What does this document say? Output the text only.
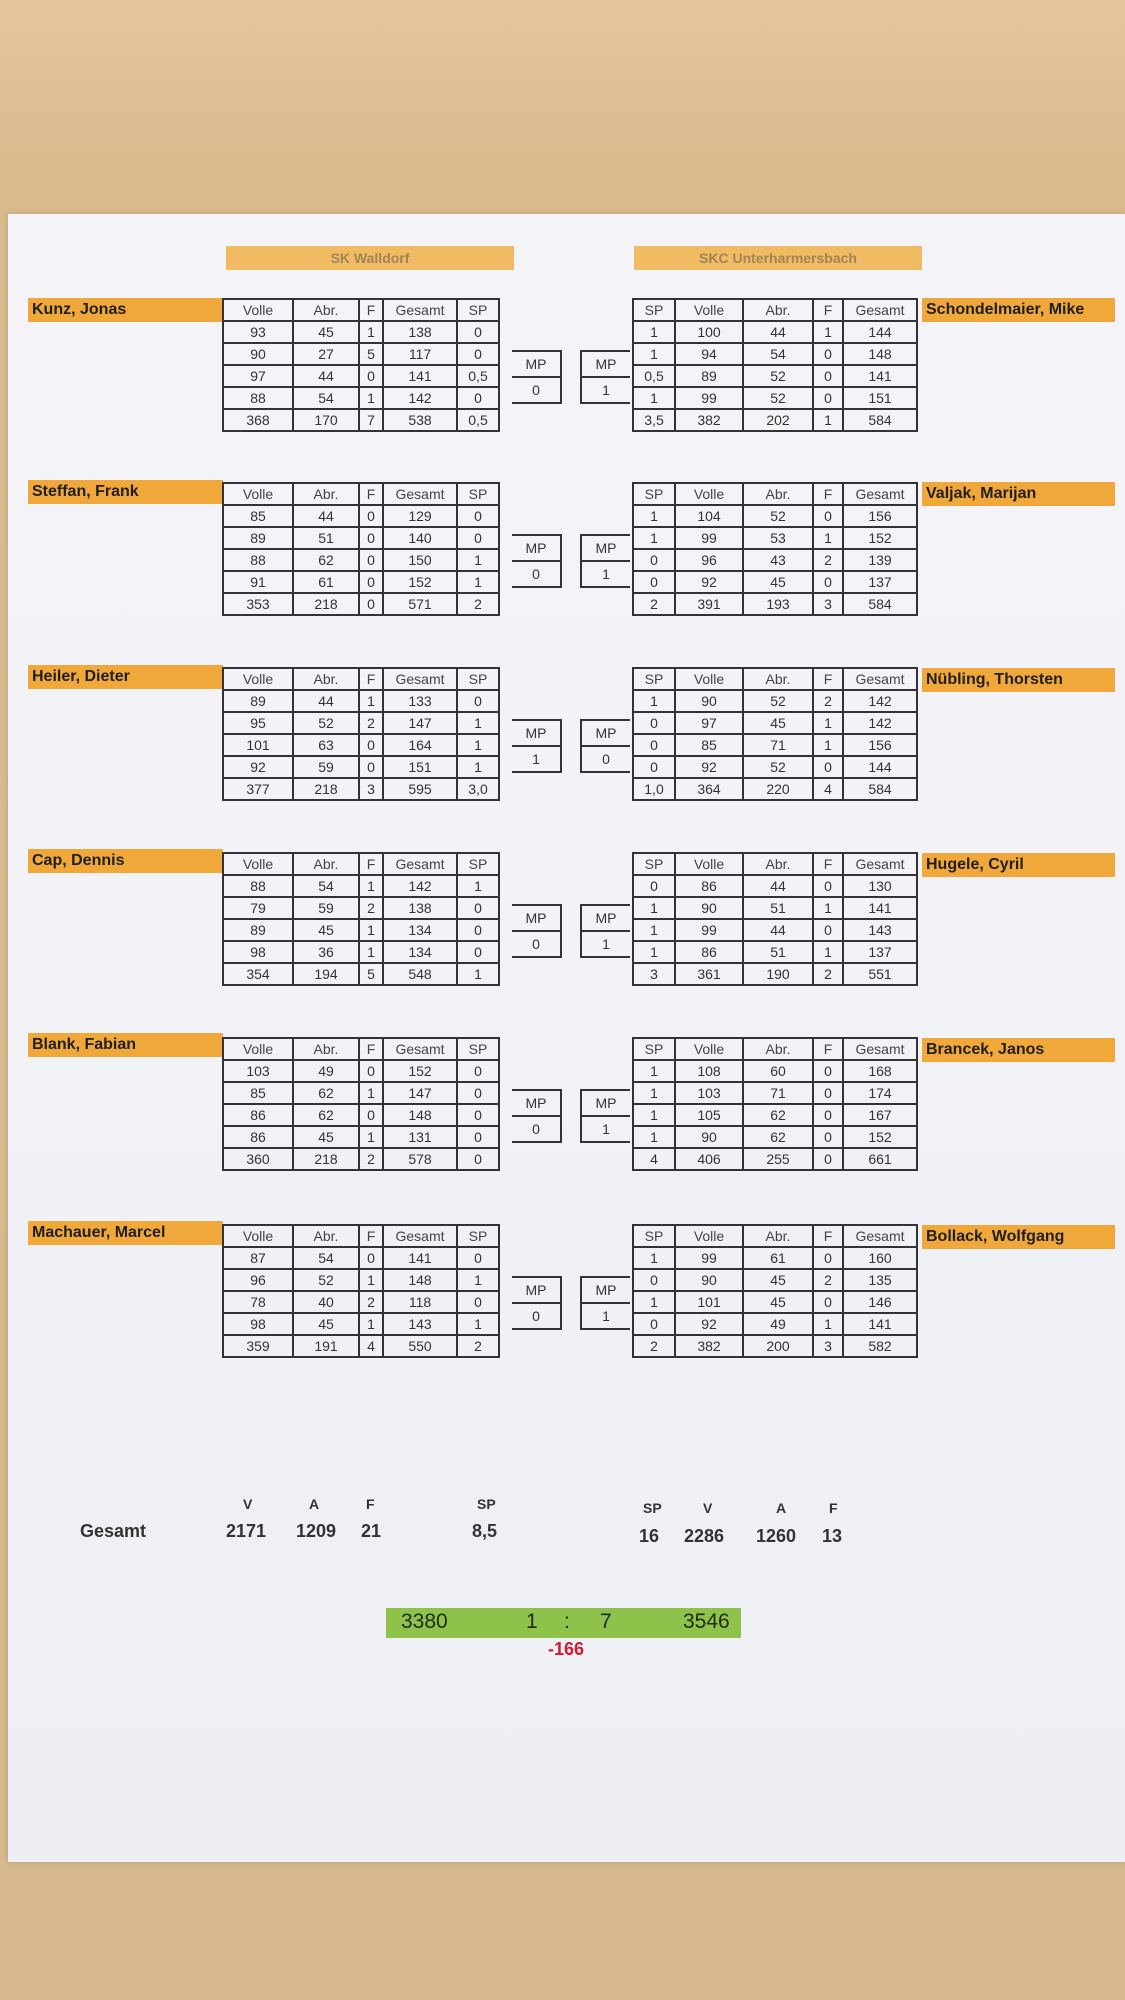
SK Walldorf	SKC Unterharmersbach
Kunz, Jonas	Schondelmaier, Mike
Volle	Abr.	F	Gesamt	SP
93	45	1	138	0
90	27	5	117	0
97	44	0	141	0,5
88	54	1	142	0
368	170	7	538	0,5
SP	Volle	Abr.	F	Gesamt
1	100	44	1	144
1	94	54	0	148
0,5	89	52	0	141
1	99	52	0	151
3,5	382	202	1	584
MP
0
MP
1
Steffan, Frank	Valjak, Marijan
Volle	Abr.	F	Gesamt	SP
85	44	0	129	0
89	51	0	140	0
88	62	0	150	1
91	61	0	152	1
353	218	0	571	2
SP	Volle	Abr.	F	Gesamt
1	104	52	0	156
1	99	53	1	152
0	96	43	2	139
0	92	45	0	137
2	391	193	3	584
MP
0
MP
1
Heiler, Dieter	Nübling, Thorsten
Volle	Abr.	F	Gesamt	SP
89	44	1	133	0
95	52	2	147	1
101	63	0	164	1
92	59	0	151	1
377	218	3	595	3,0
SP	Volle	Abr.	F	Gesamt
1	90	52	2	142
0	97	45	1	142
0	85	71	1	156
0	92	52	0	144
1,0	364	220	4	584
MP
1
MP
0
Cap, Dennis	Hugele, Cyril
Volle	Abr.	F	Gesamt	SP
88	54	1	142	1
79	59	2	138	0
89	45	1	134	0
98	36	1	134	0
354	194	5	548	1
SP	Volle	Abr.	F	Gesamt
0	86	44	0	130
1	90	51	1	141
1	99	44	0	143
1	86	51	1	137
3	361	190	2	551
MP
0
MP
1
Blank, Fabian	Brancek, Janos
Volle	Abr.	F	Gesamt	SP
103	49	0	152	0
85	62	1	147	0
86	62	0	148	0
86	45	1	131	0
360	218	2	578	0
SP	Volle	Abr.	F	Gesamt
1	108	60	0	168
1	103	71	0	174
1	105	62	0	167
1	90	62	0	152
4	406	255	0	661
MP
0
MP
1
Machauer, Marcel	Bollack, Wolfgang
Volle	Abr.	F	Gesamt	SP
87	54	0	141	0
96	52	1	148	1
78	40	2	118	0
98	45	1	143	1
359	191	4	550	2
SP	Volle	Abr.	F	Gesamt
1	99	61	0	160
0	90	45	2	135
1	101	45	0	146
0	92	49	1	141
2	382	200	3	582
MP
0
MP
1
Gesamt
V	A	F	SP	SP	V	A	F
2171 1209 21	8,5	16 2286 1260 13
3380	1 : 7	3546
-166
